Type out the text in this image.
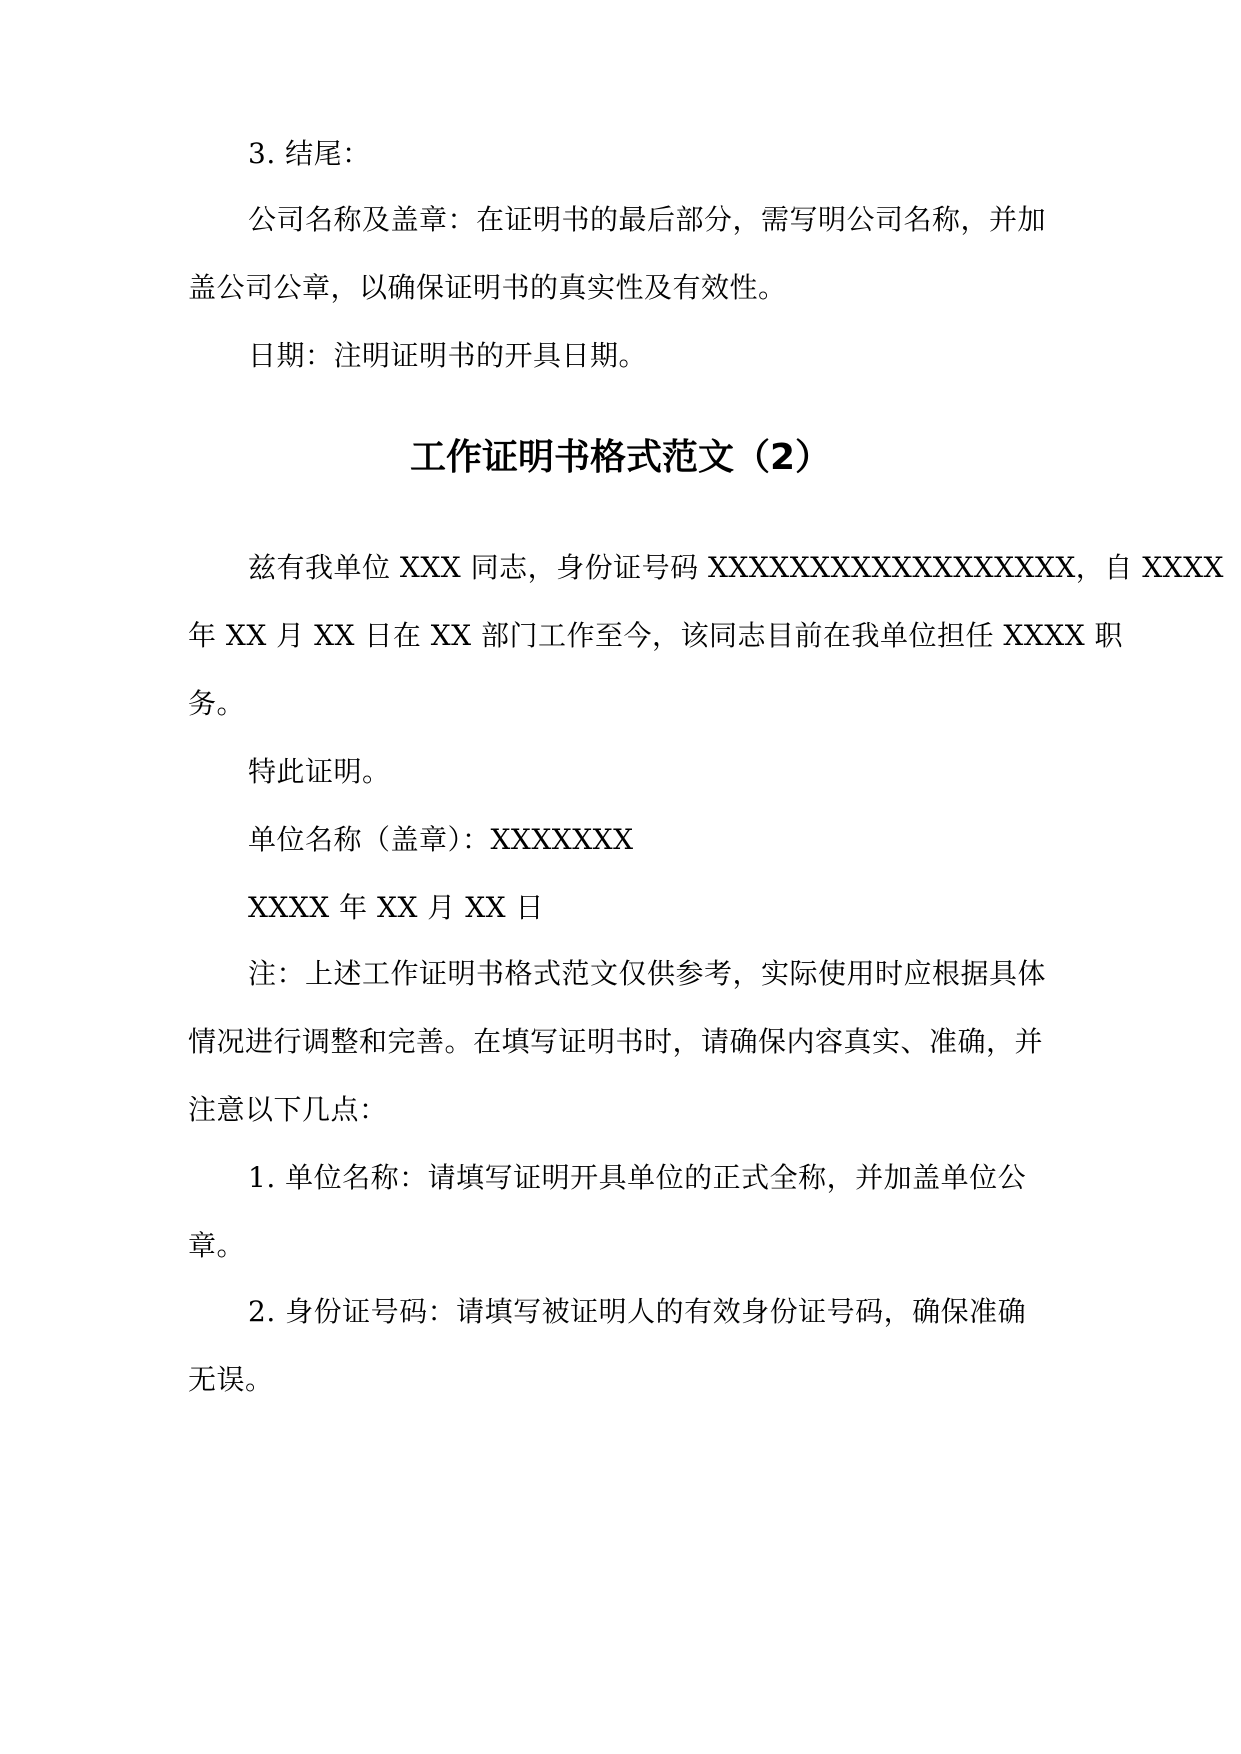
3. 结尾：
公司名称及盖章：在证明书的最后部分，需写明公司名称，并加
盖公司公章，以确保证明书的真实性及有效性。
日期：注明证明书的开具日期。
工作证明书格式范文（2）
兹有我单位 XXX 同志，身份证号码 XXXXXXXXXXXXXXXXXX，自 XXXX
年 XX 月 XX 日在 XX 部门工作至今，该同志目前在我单位担任 XXXX 职
务。
特此证明。
单位名称（盖章）：XXXXXXX
XXXX 年 XX 月 XX 日
注：上述工作证明书格式范文仅供参考，实际使用时应根据具体
情况进行调整和完善。在填写证明书时，请确保内容真实、准确，并
注意以下几点：
1. 单位名称：请填写证明开具单位的正式全称，并加盖单位公
章。
2. 身份证号码：请填写被证明人的有效身份证号码，确保准确
无误。
